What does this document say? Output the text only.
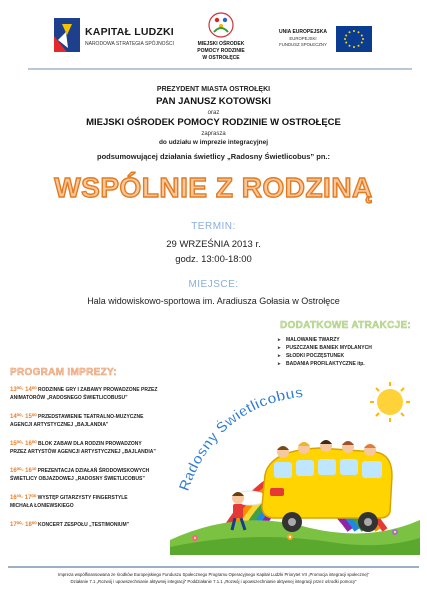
KAPITAŁ LUDZKI
NARODOWA STRATEGIA SPÓJNOŚCI	MIEJSKI OŚRODEK
POMOCY RODZINIE
W OSTROŁĘCE
UNIA EUROPEJSKA
EUROPEJSKI
FUNDUSZ SPOŁECZNY
PREZYDENT MIASTA OSTROŁĘKI
PAN JANUSZ KOTOWSKI
oraz
MIEJSKI OŚRODEK POMOCY RODZINIE W OSTROŁĘCE
zaprasza
do udziału w imprezie integracyjnej
podsumowującej działania świetlicy „Radosny Świetlicobus” pn.:
WSPÓLNIE Z RODZINĄ
TERMIN:
29 WRZEŚNIA 2013 r.
godz. 13:00-18:00
MIEJSCE:
Hala widowiskowo-sportowa im. Aradiusza Gołasia w Ostrołęce
DODATKOWE ATRAKCJE:
▸ MALOWANIE TWARZY
▸ PUSZCZANIE BANIEK MYDLANYCH
▸ SŁODKI POCZĘSTUNEK
▸ BADANIA PROFILAKTYCZNE itp.
PROGRAM IMPREZY:
13⁰⁰- 14⁰⁰ RODZINNE GRY I ZABAWY PROWADZONE PRZEZ
ANIMATORÓW „RADOSNEGO ŚWIETLICOBUSU”
14⁰⁰- 15⁰⁰ PRZEDSTAWIENIE TEATRALNO-MUZYCZNE
AGENCJI ARTYSTYCZNEJ „BAJLANDIA”
15⁰⁰- 16⁰⁰ BLOK ZABAW DLA RODZIN PROWADZONY
PRZEZ ARTYSTÓW AGENCJI ARTYSTYCZNEJ „BAJLANDIA”
16⁰⁰- 16³⁰ PREZENTACJA DZIAŁAŃ ŚRODOWISKOWYCH
ŚWIETLICY OBJAZDOWEJ „RADOSNY ŚWIETLICOBUS”
16³⁰- 17⁰⁰ WYSTĘP GITARZYSTY FINGERSTYLE
MICHAŁA ŁONIEWSKIEGO
17⁰⁰- 18⁰⁰ KONCERT ZESPOŁU „TESTIMONIUM”
Radosny Świetlicobus
Impreza współfinansowana ze środków Europejskiego Funduszu Społecznego Programu Operacyjnego Kapitał Ludzki Priorytet VII „Promocja integracji społecznej”
Działanie 7.1 „Rozwój i upowszechnianie aktywnej integracji” Poddziałanie 7.1.1 „Rozwój i upowszechnianie aktywnej integracji przez ośrodki pomocy”
